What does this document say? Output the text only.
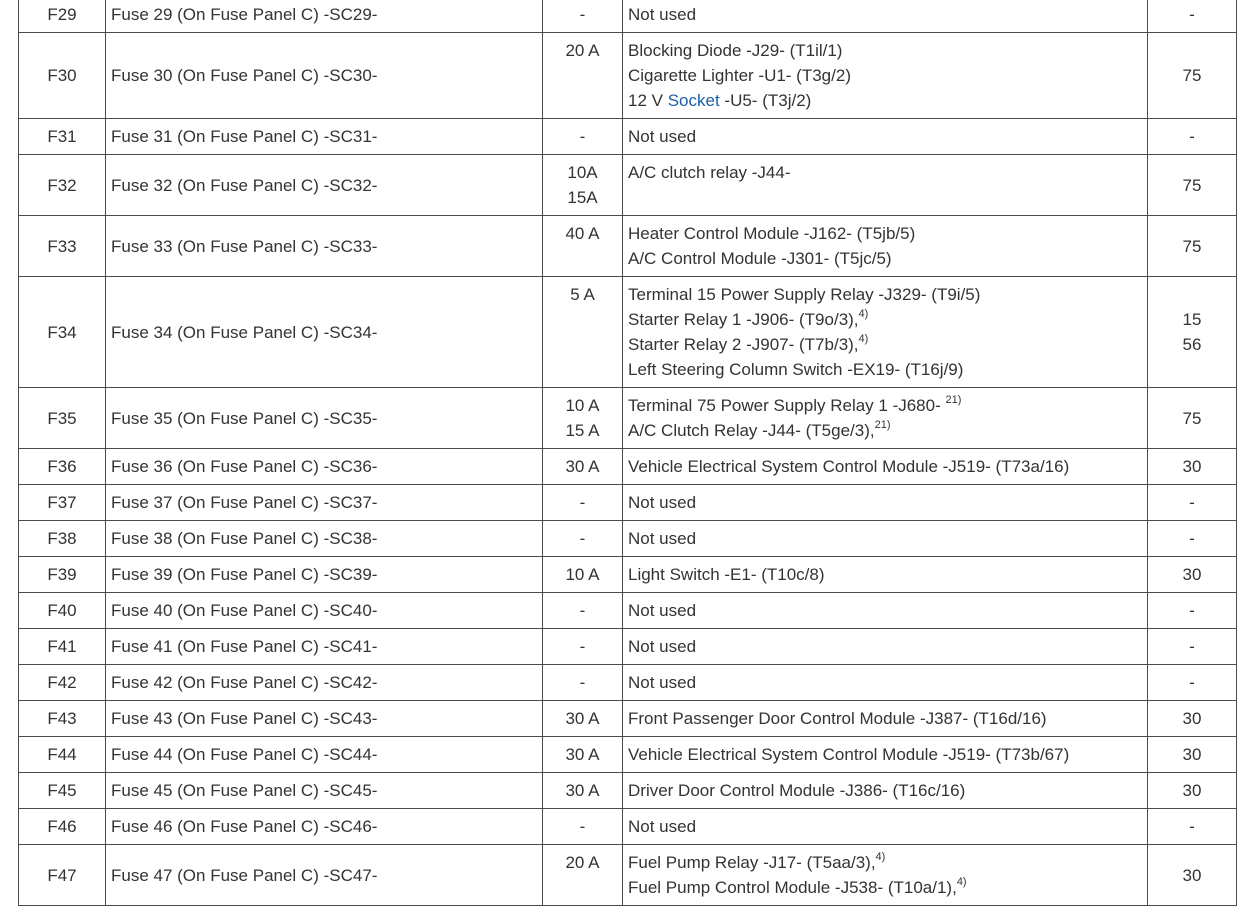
F29	Fuse 29 (On Fuse Panel C) -SC29-	-	Not used	-

F30	Fuse 30 (On Fuse Panel C) -SC30-	20 A	Blocking Diode -J29- (T1il/1)
Cigarette Lighter -U1- (T3g/2)
12 V Socket -U5- (T3j/2)	75

F31	Fuse 31 (On Fuse Panel C) -SC31-	-	Not used	-

F32	Fuse 32 (On Fuse Panel C) -SC32-	10A
15A	A/C clutch relay -J44-	75

F33	Fuse 33 (On Fuse Panel C) -SC33-	40 A	Heater Control Module -J162- (T5jb/5)
A/C Control Module -J301- (T5jc/5)	75

F34	Fuse 34 (On Fuse Panel C) -SC34-	5 A	Terminal 15 Power Supply Relay -J329- (T9i/5)
Starter Relay 1 -J906- (T9o/3),$^{4)}$
Starter Relay 2 -J907- (T7b/3),$^{4)}$
Left Steering Column Switch -EX19- (T16j/9)	15
56

F35	Fuse 35 (On Fuse Panel C) -SC35-	10 A
15 A	Terminal 75 Power Supply Relay 1 -J680- $^{21)}$
A/C Clutch Relay -J44- (T5ge/3),$^{21)}$	75

F36	Fuse 36 (On Fuse Panel C) -SC36-	30 A	Vehicle Electrical System Control Module -J519- (T73a/16)	30

F37	Fuse 37 (On Fuse Panel C) -SC37-	-	Not used	-

F38	Fuse 38 (On Fuse Panel C) -SC38-	-	Not used	-

F39	Fuse 39 (On Fuse Panel C) -SC39-	10 A	Light Switch -E1- (T10c/8)	30

F40	Fuse 40 (On Fuse Panel C) -SC40-	-	Not used	-

F41	Fuse 41 (On Fuse Panel C) -SC41-	-	Not used	-

F42	Fuse 42 (On Fuse Panel C) -SC42-	-	Not used	-

F43	Fuse 43 (On Fuse Panel C) -SC43-	30 A	Front Passenger Door Control Module -J387- (T16d/16)	30

F44	Fuse 44 (On Fuse Panel C) -SC44-	30 A	Vehicle Electrical System Control Module -J519- (T73b/67)	30

F45	Fuse 45 (On Fuse Panel C) -SC45-	30 A	Driver Door Control Module -J386- (T16c/16)	30

F46	Fuse 46 (On Fuse Panel C) -SC46-	-	Not used	-

F47	Fuse 47 (On Fuse Panel C) -SC47-	20 A	Fuel Pump Relay -J17- (T5aa/3),$^{4)}$
Fuel Pump Control Module -J538- (T10a/1),$^{4)}$	30
